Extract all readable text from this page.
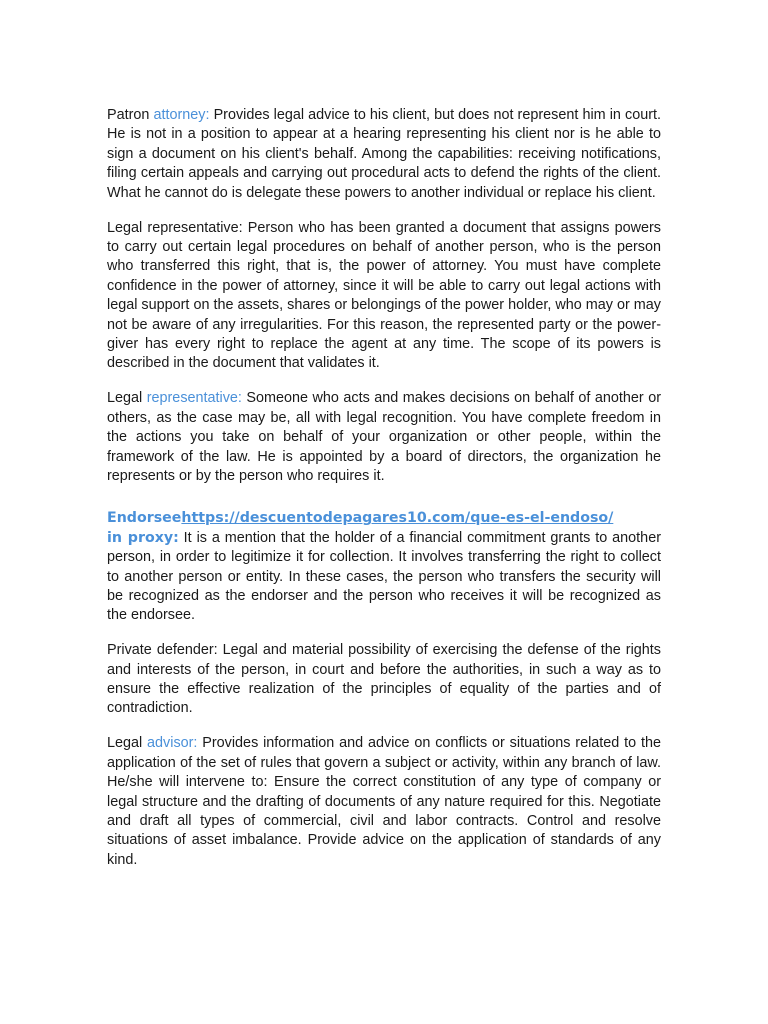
Patron attorney: Provides legal advice to his client, but does not represent him in court. He is not in a position to appear at a hearing representing his client nor is he able to sign a document on his client's behalf. Among the capabilities: receiving notifications, filing certain appeals and carrying out procedural acts to defend the rights of the client. What he cannot do is delegate these powers to another individual or replace his client.

Legal representative: Person who has been granted a document that assigns powers to carry out certain legal procedures on behalf of another person, who is the person who transferred this right, that is, the power of attorney. You must have complete confidence in the power of attorney, since it will be able to carry out legal actions with legal support on the assets, shares or belongings of the power holder, who may or may not be aware of any irregularities. For this reason, the represented party or the power-giver has every right to replace the agent at any time. The scope of its powers is described in the document that validates it.

Legal representative: Someone who acts and makes decisions on behalf of another or others, as the case may be, all with legal recognition. You have complete freedom in the actions you take on behalf of your organization or other people, within the framework of the law. He is appointed by a board of directors, the organization he represents or by the person who requires it.

Endorseehttps://descuentodepagares10.com/que-es-el-endoso/
in proxy: It is a mention that the holder of a financial commitment grants to another person, in order to legitimize it for collection. It involves transferring the right to collect to another person or entity. In these cases, the person who transfers the security will be recognized as the endorser and the person who receives it will be recognized as the endorsee.

Private defender: Legal and material possibility of exercising the defense of the rights and interests of the person, in court and before the authorities, in such a way as to ensure the effective realization of the principles of equality of the parties and of contradiction.

Legal advisor: Provides information and advice on conflicts or situations related to the application of the set of rules that govern a subject or activity, within any branch of law. He/she will intervene to: Ensure the correct constitution of any type of company or legal structure and the drafting of documents of any nature required for this. Negotiate and draft all types of commercial, civil and labor contracts. Control and resolve situations of asset imbalance. Provide advice on the application of standards of any kind.
